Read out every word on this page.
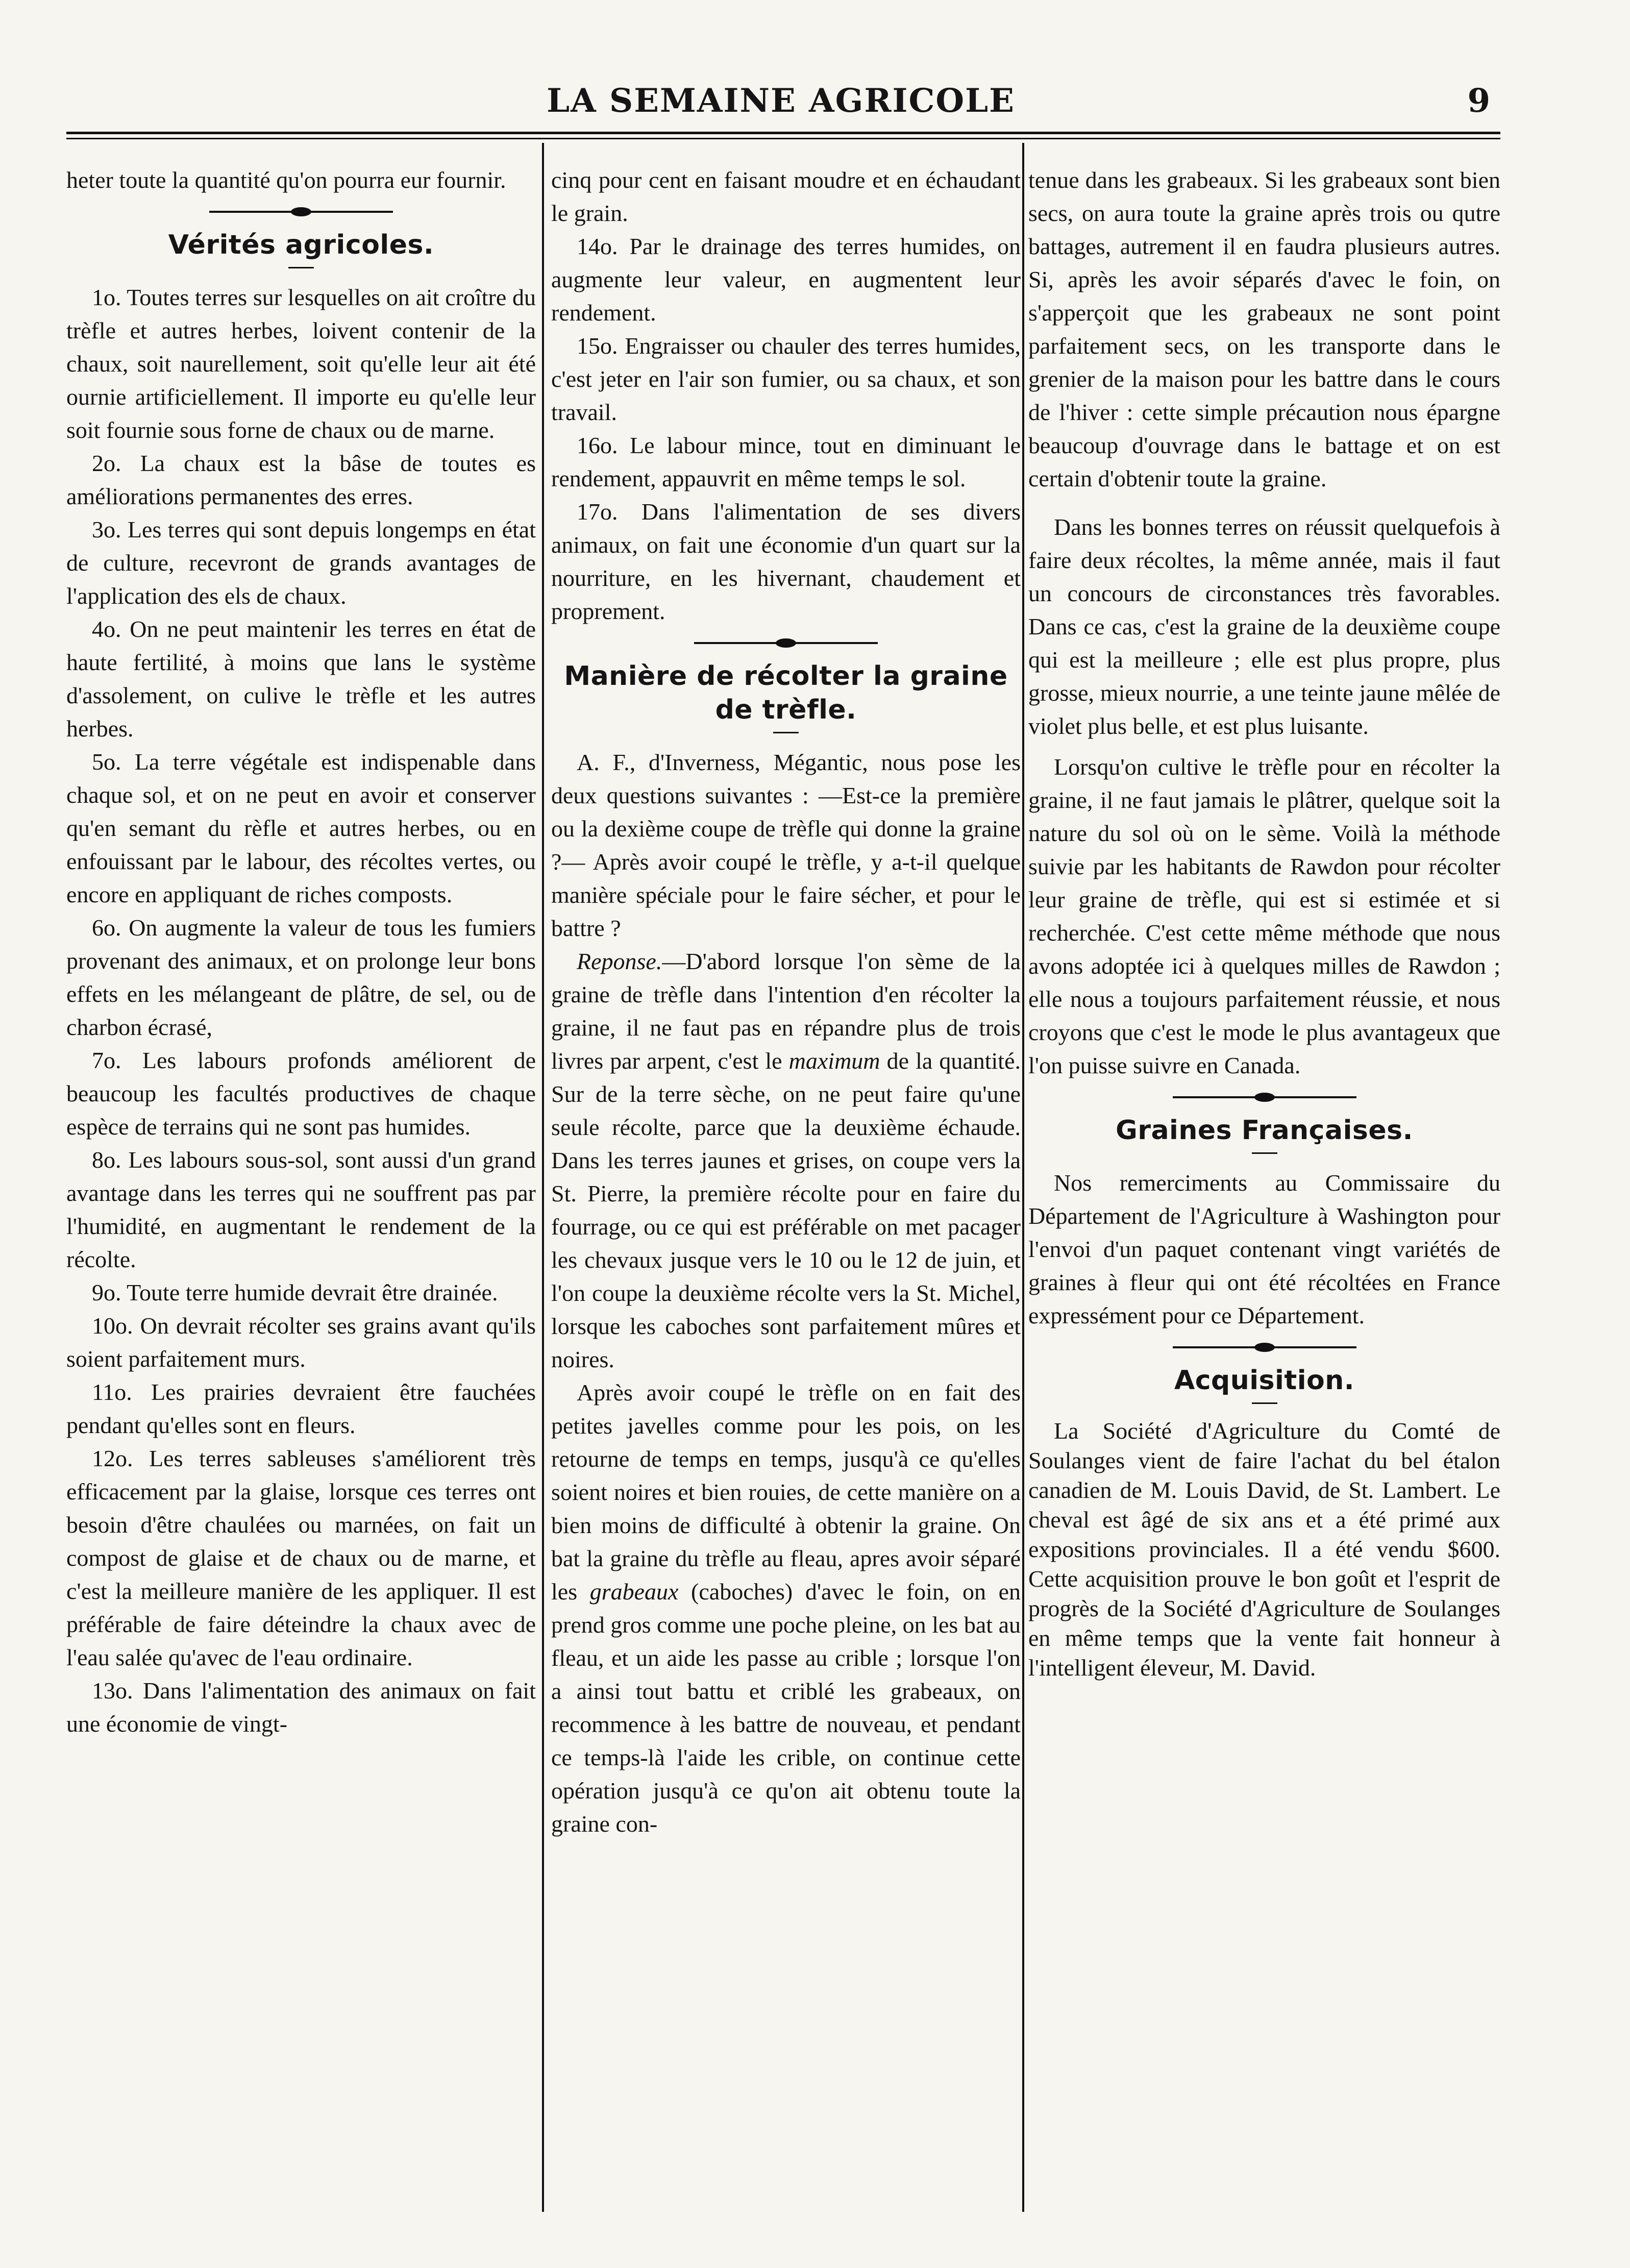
LA SEMAINE AGRICOLE	9

heter toute la quantité qu'on pourra eur fournir.

Vérités agricoles.

1o. Toutes terres sur lesquelles on ait croître du trèfle et autres herbes, loivent contenir de la chaux, soit naurellement, soit qu'elle leur ait été ournie artificiellement. Il importe eu qu'elle leur soit fournie sous forne de chaux ou de marne.

2o. La chaux est la bâse de toutes es améliorations permanentes des erres.

3o. Les terres qui sont depuis longemps en état de culture, recevront de grands avantages de l'application des els de chaux.

4o. On ne peut maintenir les terres en état de haute fertilité, à moins que lans le système d'assolement, on culive le trèfle et les autres herbes.

5o. La terre végétale est indispenable dans chaque sol, et on ne peut en avoir et conserver qu'en semant du rèfle et autres herbes, ou en enfouissant par le labour, des récoltes vertes, ou encore en appliquant de riches composts.

6o. On augmente la valeur de tous les fumiers provenant des animaux, et on prolonge leur bons effets en les mélangeant de plâtre, de sel, ou de charbon écrasé,

7o. Les labours profonds améliorent de beaucoup les facultés productives de chaque espèce de terrains qui ne sont pas humides.

8o. Les labours sous-sol, sont aussi d'un grand avantage dans les terres qui ne souffrent pas par l'humidité, en augmentant le rendement de la récolte.

9o. Toute terre humide devrait être drainée.

10o. On devrait récolter ses grains avant qu'ils soient parfaitement murs.

11o. Les prairies devraient être fauchées pendant qu'elles sont en fleurs.

12o. Les terres sableuses s'améliorent très efficacement par la glaise, lorsque ces terres ont besoin d'être chaulées ou marnées, on fait un compost de glaise et de chaux ou de marne, et c'est la meilleure manière de les appliquer. Il est préférable de faire déteindre la chaux avec de l'eau salée qu'avec de l'eau ordinaire.

13o. Dans l'alimentation des animaux on fait une économie de vingt-

cinq pour cent en faisant moudre et en échaudant le grain.

14o. Par le drainage des terres humides, on augmente leur valeur, en augmentent leur rendement.

15o. Engraisser ou chauler des terres humides, c'est jeter en l'air son fumier, ou sa chaux, et son travail.

16o. Le labour mince, tout en diminuant le rendement, appauvrit en même temps le sol.

17o. Dans l'alimentation de ses divers animaux, on fait une économie d'un quart sur la nourriture, en les hivernant, chaudement et proprement.

Manière de récolter la graine de trèfle.

A. F., d'Inverness, Mégantic, nous pose les deux questions suivantes : —Est-ce la première ou la dexième coupe de trèfle qui donne la graine ?— Après avoir coupé le trèfle, y a-t-il quelque manière spéciale pour le faire sécher, et pour le battre ?

Reponse.—D'abord lorsque l'on sème de la graine de trèfle dans l'intention d'en récolter la graine, il ne faut pas en répandre plus de trois livres par arpent, c'est le maximum de la quantité. Sur de la terre sèche, on ne peut faire qu'une seule récolte, parce que la deuxième échaude. Dans les terres jaunes et grises, on coupe vers la St. Pierre, la première récolte pour en faire du fourrage, ou ce qui est préférable on met pacager les chevaux jusque vers le 10 ou le 12 de juin, et l'on coupe la deuxième récolte vers la St. Michel, lorsque les caboches sont parfaitement mûres et noires.

Après avoir coupé le trèfle on en fait des petites javelles comme pour les pois, on les retourne de temps en temps, jusqu'à ce qu'elles soient noires et bien rouies, de cette manière on a bien moins de difficulté à obtenir la graine. On bat la graine du trèfle au fleau, apres avoir séparé les grabeaux (caboches) d'avec le foin, on en prend gros comme une poche pleine, on les bat au fleau, et un aide les passe au crible ; lorsque l'on a ainsi tout battu et criblé les grabeaux, on recommence à les battre de nouveau, et pendant ce temps-là l'aide les crible, on continue cette opération jusqu'à ce qu'on ait obtenu toute la graine con-

tenue dans les grabeaux. Si les grabeaux sont bien secs, on aura toute la graine après trois ou qutre battages, autrement il en faudra plusieurs autres. Si, après les avoir séparés d'avec le foin, on s'apperçoit que les grabeaux ne sont point parfaitement secs, on les transporte dans le grenier de la maison pour les battre dans le cours de l'hiver : cette simple précaution nous épargne beaucoup d'ouvrage dans le battage et on est certain d'obtenir toute la graine.

Dans les bonnes terres on réussit quelquefois à faire deux récoltes, la même année, mais il faut un concours de circonstances très favorables. Dans ce cas, c'est la graine de la deuxième coupe qui est la meilleure ; elle est plus propre, plus grosse, mieux nourrie, a une teinte jaune mêlée de violet plus belle, et est plus luisante.

Lorsqu'on cultive le trèfle pour en récolter la graine, il ne faut jamais le plâtrer, quelque soit la nature du sol où on le sème. Voilà la méthode suivie par les habitants de Rawdon pour récolter leur graine de trèfle, qui est si estimée et si recherchée. C'est cette même méthode que nous avons adoptée ici à quelques milles de Rawdon ; elle nous a toujours parfaitement réussie, et nous croyons que c'est le mode le plus avantageux que l'on puisse suivre en Canada.

Graines Françaises.

Nos remerciments au Commissaire du Département de l'Agriculture à Washington pour l'envoi d'un paquet contenant vingt variétés de graines à fleur qui ont été récoltées en France expressément pour ce Département.

Acquisition.

La Société d'Agriculture du Comté de Soulanges vient de faire l'achat du bel étalon canadien de M. Louis David, de St. Lambert. Le cheval est âgé de six ans et a été primé aux expositions provinciales. Il a été vendu $600. Cette acquisition prouve le bon goût et l'esprit de progrès de la Société d'Agriculture de Soulanges en même temps que la vente fait honneur à l'intelligent éleveur, M. David.
